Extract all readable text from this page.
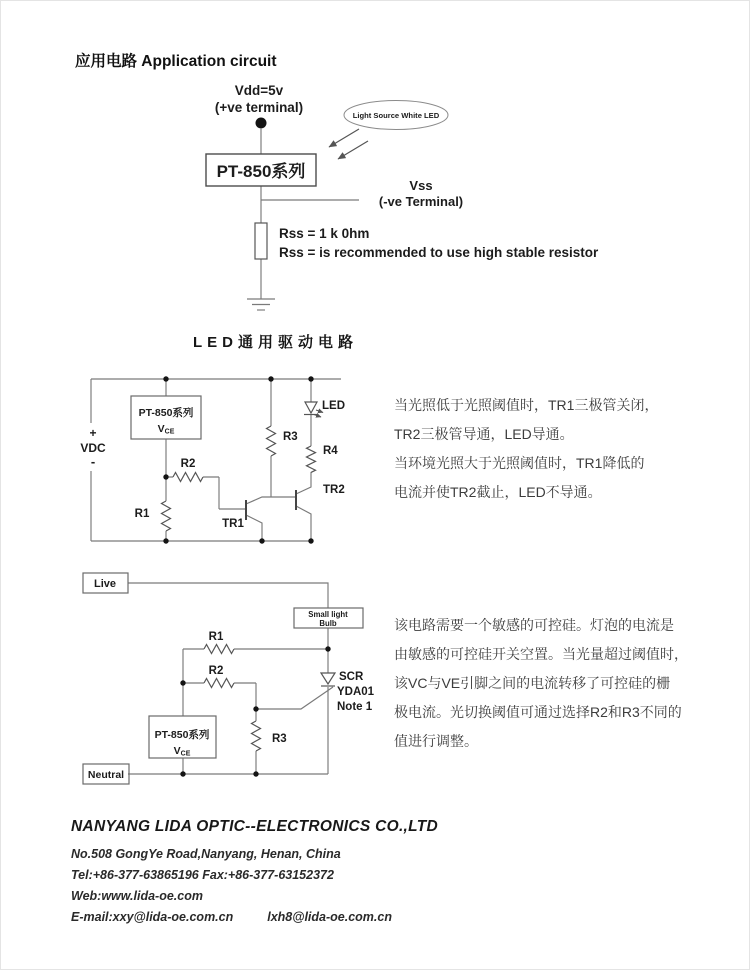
应用电路 Application circuit
Vdd=5v
(+ve terminal)
PT-850系列
Light Source White LED
Vss
(-ve Terminal)
Rss = 1 k 0hm
Rss = is recommended to use high stable resistor
LED通用驱动电路
PT-850系列
VCE
+
VDC
-
R1
R2
R3
R4
TR1
TR2
LED	当光照低于光照阈值时，TR1三极管关闭，
TR2三极管导通，LED导通。
当环境光照大于光照阈值时，TR1降低的
电流并使TR2截止，LED不导通。
Live
Small light
Bulb
PT-850系列
VCE
Neutral
R1
R2
R3
SCR
YDA01
Note 1
该电路需要一个敏感的可控硅。灯泡的电流是
由敏感的可控硅开关空置。当光量超过阈值时，
该VC与VE引脚之间的电流转移了可控硅的栅
极电流。光切换阈值可通过选择R2和R3不同的
值进行调整。
NANYANG LIDA OPTIC--ELECTRONICS CO.,LTD
No.508 GongYe Road,Nanyang, Henan, China
Tel:+86-377-63865196 Fax:+86-377-63152372
Web:www.lida-oe.com
E-mail:xxy@lida-oe.com.cn	lxh8@lida-oe.com.cn
